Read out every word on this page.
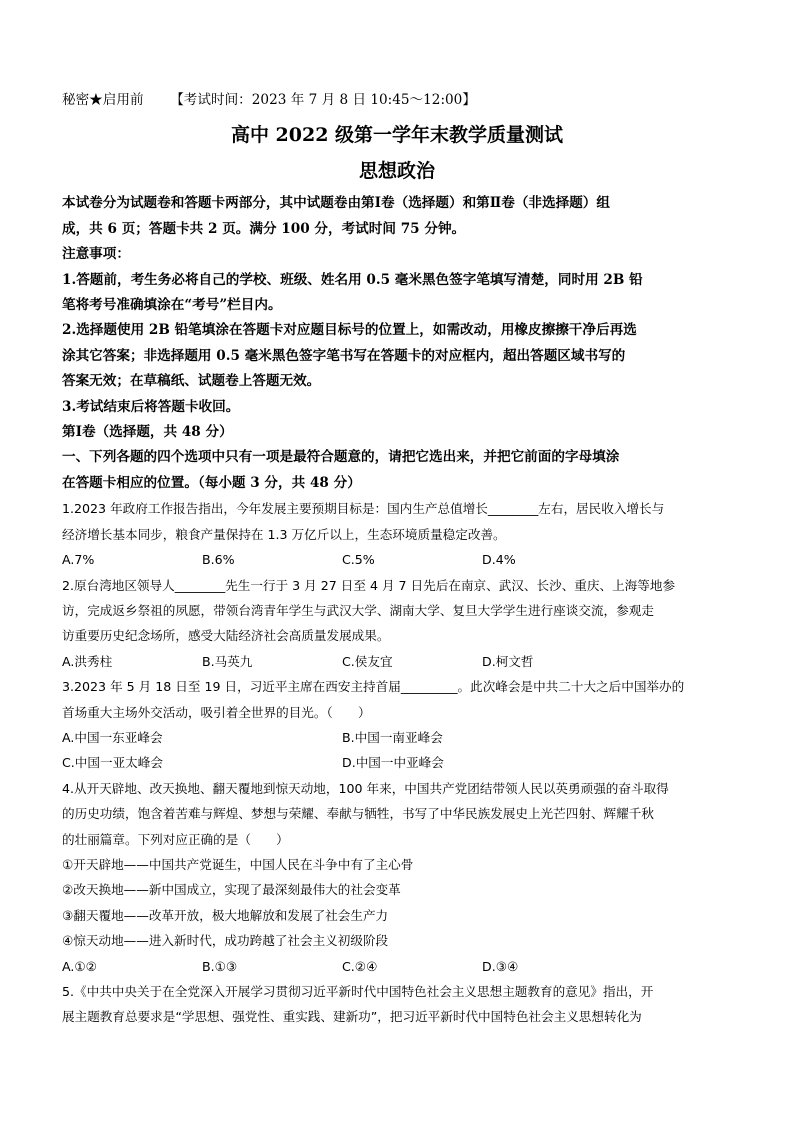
秘密★启用前 【考试时间：2023 年 7 月 8 日 10:45～12:00】
高中 2022 级第一学年末教学质量测试
思想政治
本试卷分为试题卷和答题卡两部分，其中试题卷由第Ⅰ卷（选择题）和第Ⅱ卷（非选择题）组
成，共 6 页；答题卡共 2 页。满分 100 分，考试时间 75 分钟。
注意事项：
1.答题前，考生务必将自己的学校、班级、姓名用 0.5 毫米黑色签字笔填写清楚，同时用 2B 铅
笔将考号准确填涂在“考号”栏目内。
2.选择题使用 2B 铅笔填涂在答题卡对应题目标号的位置上，如需改动，用橡皮擦擦干净后再选
涂其它答案；非选择题用 0.5 毫米黑色签字笔书写在答题卡的对应框内，超出答题区域书写的
答案无效；在草稿纸、试题卷上答题无效。
3.考试结束后将答题卡收回。
第Ⅰ卷（选择题，共 48 分）
一、下列各题的四个选项中只有一项是最符合题意的，请把它选出来，并把它前面的字母填涂
在答题卡相应的位置。（每小题 3 分，共 48 分）
1.2023 年政府工作报告指出，今年发展主要预期目标是：国内生产总值增长________左右，居民收入增长与
经济增长基本同步，粮食产量保持在 1.3 万亿斤以上，生态环境质量稳定改善。
A.7%	B.6%	C.5%	D.4%
2.原台湾地区领导人________先生一行于 3 月 27 日至 4 月 7 日先后在南京、武汉、长沙、重庆、上海等地参
访，完成返乡祭祖的夙愿，带领台湾青年学生与武汉大学、湖南大学、复旦大学学生进行座谈交流，参观走
访重要历史纪念场所，感受大陆经济社会高质量发展成果。
A.洪秀柱	B.马英九	C.侯友宜	D.柯文哲
3.2023 年 5 月 18 日至 19 日，习近平主席在西安主持首届_________。此次峰会是中共二十大之后中国举办的
首场重大主场外交活动，吸引着全世界的目光。（　　）
A.中国一东亚峰会	B.中国一南亚峰会
C.中国一亚太峰会	D.中国一中亚峰会
4.从开天辟地、改天换地、翻天覆地到惊天动地，100 年来，中国共产党团结带领人民以英勇顽强的奋斗取得
的历史功绩，饱含着苦难与辉煌、梦想与荣耀、奉献与牺牲，书写了中华民族发展史上光芒四射、辉耀千秋
的壮丽篇章。下列对应正确的是（　　）
①开天辟地——中国共产党诞生，中国人民在斗争中有了主心骨
②改天换地——新中国成立，实现了最深刻最伟大的社会变革
③翻天覆地——改革开放，极大地解放和发展了社会生产力
④惊天动地——进入新时代，成功跨越了社会主义初级阶段
A.①②	B.①③	C.②④	D.③④
5.《中共中央关于在全党深入开展学习贯彻习近平新时代中国特色社会主义思想主题教育的意见》指出，开
展主题教育总要求是“学思想、强党性、重实践、建新功”，把习近平新时代中国特色社会主义思想转化为
